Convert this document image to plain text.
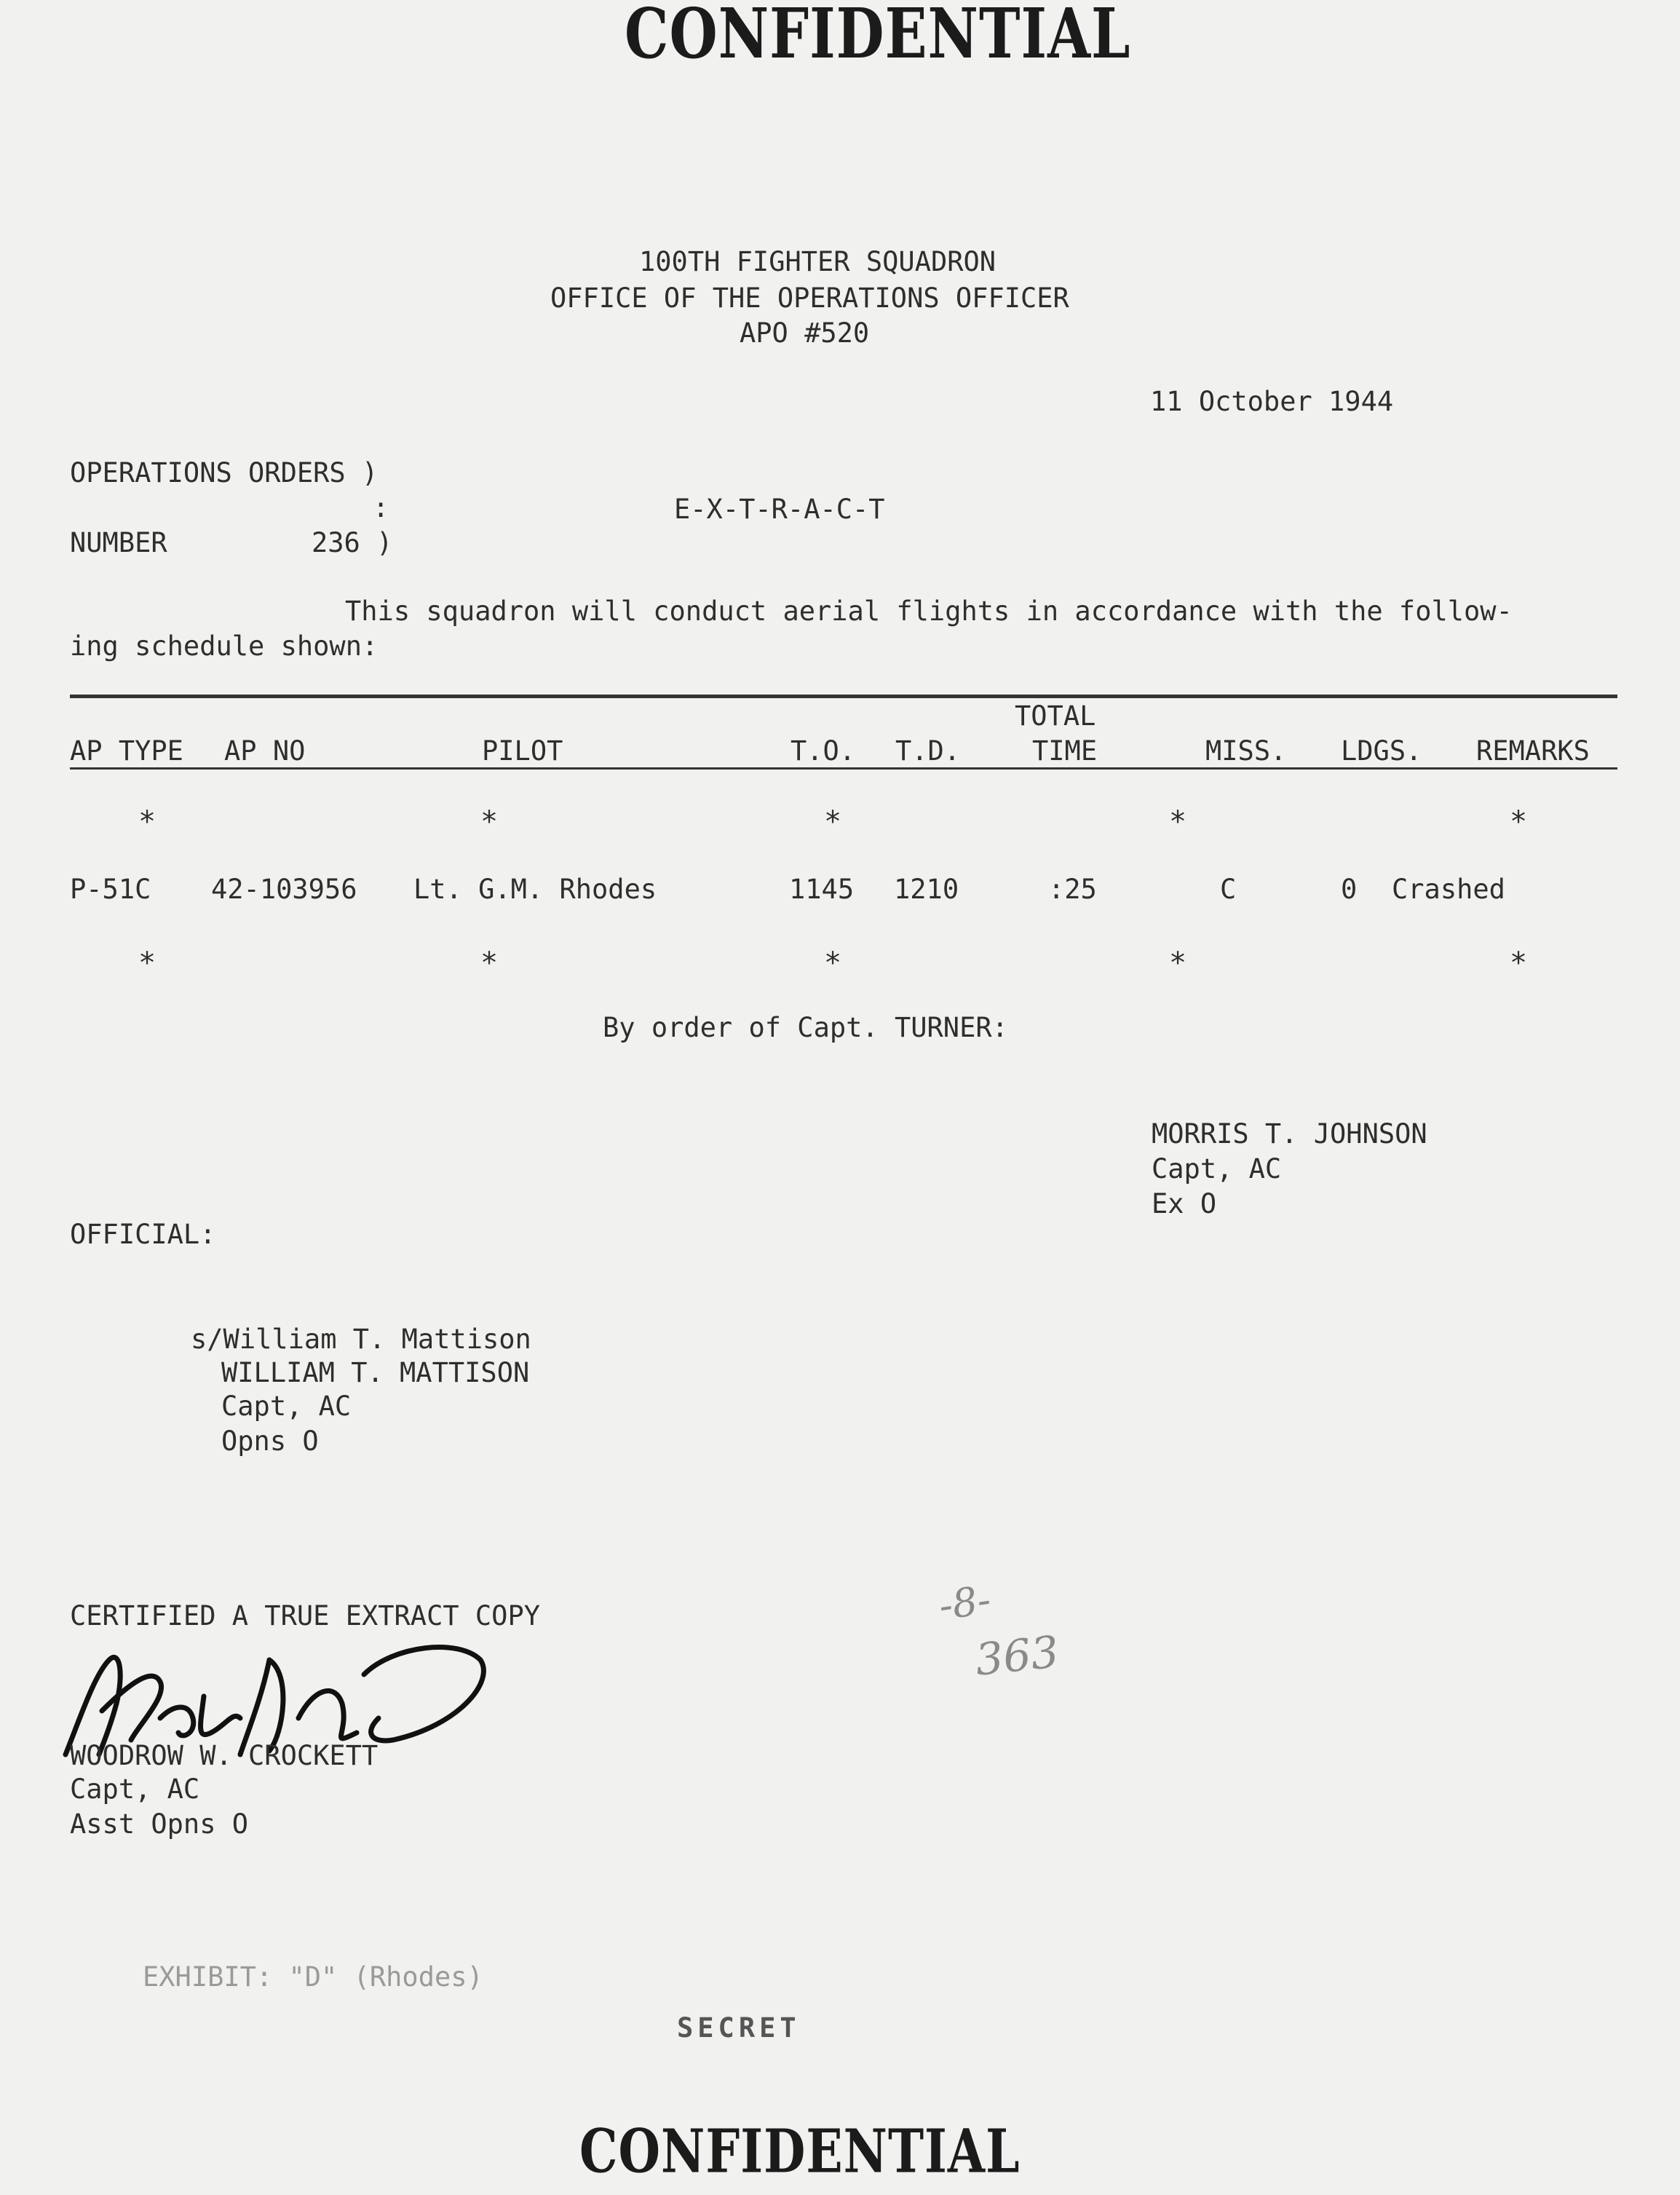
CONFIDENTIAL
100TH FIGHTER SQUADRON
OFFICE OF THE OPERATIONS OFFICER
APO #520
11 October 1944
OPERATIONS ORDERS )
:
NUMBER	236 )
E-X-T-R-A-C-T
This squadron will conduct aerial flights in accordance with the follow-
ing schedule shown:
TOTAL
AP TYPE AP NO	PILOT	T.O. T.D.	TIME	MISS. LDGS. REMARKS
*	*	*	*	*
P-51C 42-103956 Lt. G.M. Rhodes	1145 1210	:25	C	0 Crashed
*	*	*	*	*
By order of Capt. TURNER:
MORRIS T. JOHNSON
Capt, AC
Ex O
OFFICIAL:
s/William T. Mattison
WILLIAM T. MATTISON
Capt, AC
Opns O
-8-
363
CERTIFIED A TRUE EXTRACT COPY
WOODROW W. CROCKETT
Capt, AC
Asst Opns O
EXHIBIT: "D" (Rhodes)
SECRET
CONFIDENTIAL
